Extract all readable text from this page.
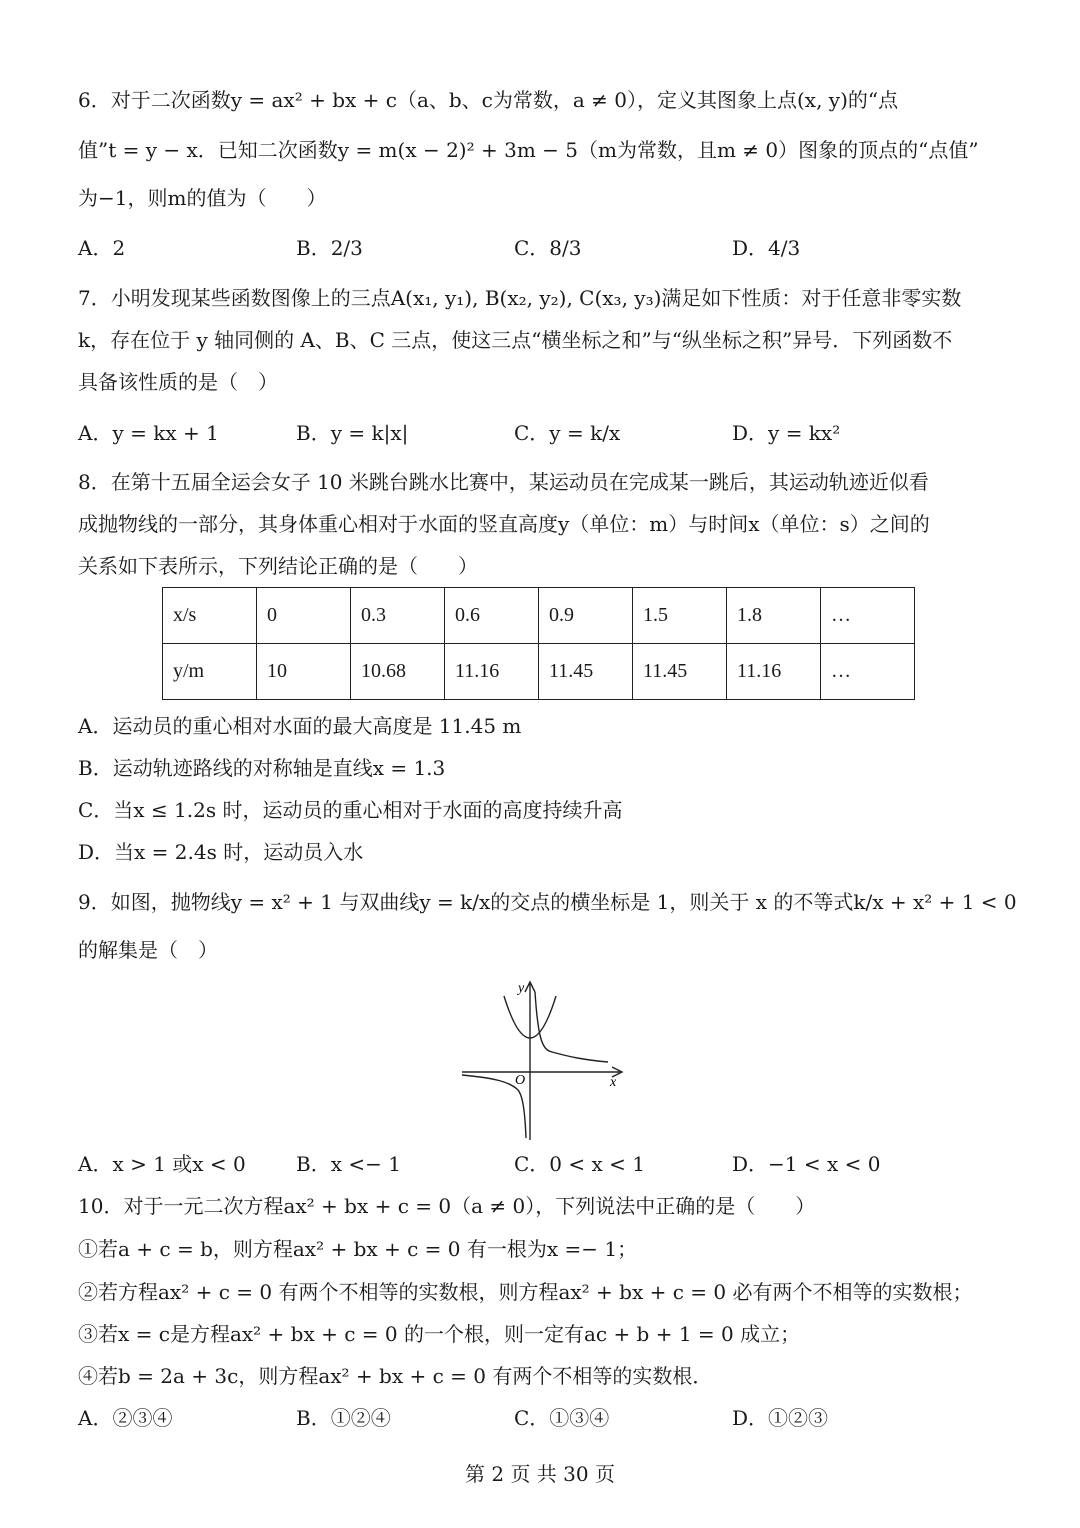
6．对于二次函数y = ax² + bx + c（a、b、c为常数，a ≠ 0），定义其图象上点(x, y)的“点
值”t = y − x．已知二次函数y = m(x − 2)² + 3m − 5（m为常数，且m ≠ 0）图象的顶点的“点值”
为−1，则m的值为（　　）
A．2	B．2/3	C．8/3	D．4/3
7．小明发现某些函数图像上的三点A(x₁, y₁), B(x₂, y₂), C(x₃, y₃)满足如下性质：对于任意非零实数
k，存在位于 y 轴同侧的 A、B、C 三点，使这三点“横坐标之和”与“纵坐标之积”异号．下列函数不
具备该性质的是（　）
A．y = kx + 1	B．y = k|x|	C．y = k/x	D．y = kx²
8．在第十五届全运会女子 10 米跳台跳水比赛中，某运动员在完成某一跳后，其运动轨迹近似看
成抛物线的一部分，其身体重心相对于水面的竖直高度y（单位：m）与时间x（单位：s）之间的
关系如下表所示，下列结论正确的是（　　）
x/s	0	0.3	0.6	0.9	1.5	1.8	…
y/m	10	10.68	11.16	11.45	11.45	11.16	…
A．运动员的重心相对水面的最大高度是 11.45 m
B．运动轨迹路线的对称轴是直线x = 1.3
C．当x ≤ 1.2s 时，运动员的重心相对于水面的高度持续升高
D．当x = 2.4s 时，运动员入水
9．如图，抛物线y = x² + 1 与双曲线y = k/x的交点的横坐标是 1，则关于 x 的不等式k/x + x² + 1 < 0
的解集是（　）
y
x
O
A．x > 1 或x < 0	B．x <− 1	C．0 < x < 1	D．−1 < x < 0
10．对于一元二次方程ax² + bx + c = 0（a ≠ 0），下列说法中正确的是（　　）
①若a + c = b，则方程ax² + bx + c = 0 有一根为x =− 1；
②若方程ax² + c = 0 有两个不相等的实数根，则方程ax² + bx + c = 0 必有两个不相等的实数根；
③若x = c是方程ax² + bx + c = 0 的一个根，则一定有ac + b + 1 = 0 成立；
④若b = 2a + 3c，则方程ax² + bx + c = 0 有两个不相等的实数根．
A．②③④	B．①②④	C．①③④	D．①②③
第 2 页 共 30 页
